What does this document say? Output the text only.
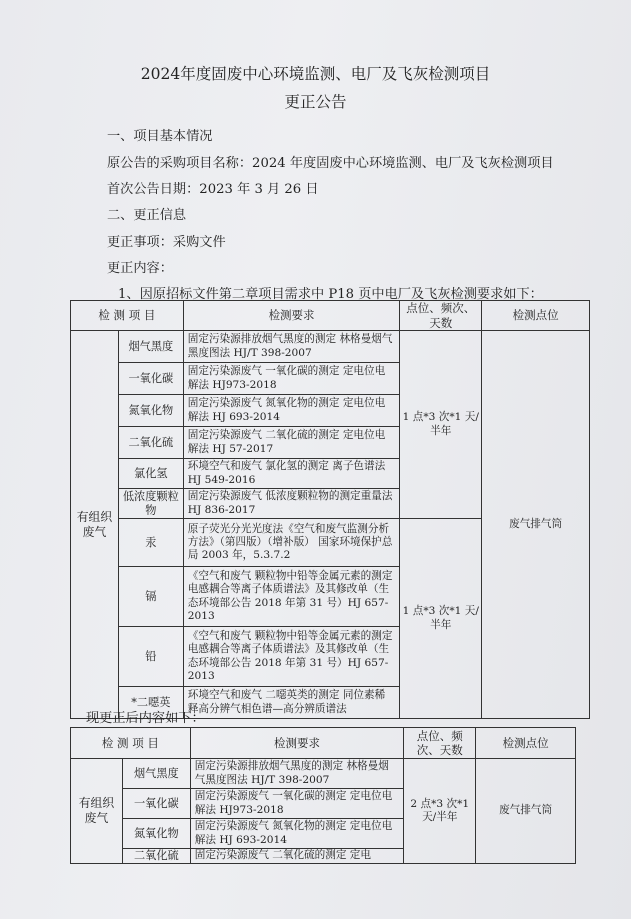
2024年度固废中心环境监测、电厂及飞灰检测项目
更正公告
一、项目基本情况
原公告的采购项目名称：2024 年度固废中心环境监测、电厂及飞灰检测项目
首次公告日期：2023 年 3 月 26 日
二、更正信息
更正事项：采购文件
更正内容：
1、因原招标文件第二章项目需求中 P18 页中电厂及飞灰检测要求如下：
检 测 项 目		检测要求	点位、频次、天数	检测点位
有组织废气	烟气黑度	固定污染源排放烟气黑度的测定 林格曼烟气黑度图法 HJ/T 398-2007	1 点*3 次*1 天/半年	废气排气筒
	一氧化碳	固定污染源废气 一氧化碳的测定 定电位电解法 HJ973-2018		
	氮氧化物	固定污染源废气 氮氧化物的测定 定电位电解法 HJ 693-2014		
	二氧化硫	固定污染源废气 二氧化硫的测定 定电位电解法 HJ 57-2017		
	氯化氢	环境空气和废气 氯化氢的测定 离子色谱法 HJ 549-2016		
	低浓度颗粒物	固定污染源废气 低浓度颗粒物的测定重量法 HJ 836-2017		
	汞	原子荧光分光光度法《空气和废气监测分析方法》（第四版）（增补版） 国家环境保护总局 2003 年，5.3.7.2	1 点*3 次*1 天/半年	
	镉	《空气和废气 颗粒物中铅等金属元素的测定 电感耦合等离子体质谱法》及其修改单（生态环境部公告 2018 年第 31 号）HJ 657-2013		
	铅	《空气和废气 颗粒物中铅等金属元素的测定 电感耦合等离子体质谱法》及其修改单（生态环境部公告 2018 年第 31 号）HJ 657-2013		
	*二噁英	环境空气和废气 二噁英类的测定 同位素稀释高分辨气相色谱—高分辨质谱法		
现更正后内容如下：
检 测 项 目		检测要求	点位、频次、天数	检测点位
有组织废气	烟气黑度	固定污染源排放烟气黑度的测定 林格曼烟气黑度图法 HJ/T 398-2007	2 点*3 次*1 天/半年	废气排气筒
	一氧化碳	固定污染源废气 一氧化碳的测定 定电位电解法 HJ973-2018		
	氮氧化物	固定污染源废气 氮氧化物的测定 定电位电解法 HJ 693-2014		
	二氧化硫	固定污染源废气 二氧化硫的测定 定电		
